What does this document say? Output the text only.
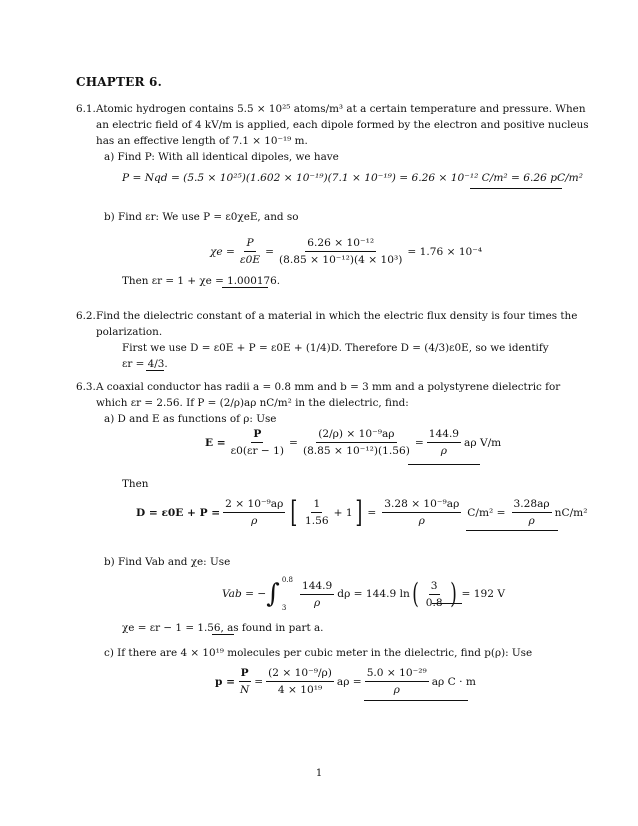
CHAPTER 6.
6.1. Atomic hydrogen contains 5.5 × 10²⁵ atoms/m³ at a certain temperature and pressure. When
an electric field of 4 kV/m is applied, each dipole formed by the electron and positive nucleus
has an effective length of 7.1 × 10⁻¹⁹ m.
a) Find P: With all identical dipoles, we have
P = Nqd = (5.5 × 10²⁵)(1.602 × 10⁻¹⁹)(7.1 × 10⁻¹⁹) = 6.26 × 10⁻¹² C/m² = 6.26 pC/m²
b) Find εr: We use P = ε0χeE, and so
$\chi e = \frac{P}{\varepsilon 0E} = \frac{\text{6.26 × 10⁻¹²}}{\text{(8.85 × 10⁻¹²)(4 × 10³)}} = 1.76 \times 10^{-4}$
Then εr = 1 + χe = 1.000176.
6.2. Find the dielectric constant of a material in which the electric flux density is four times the
polarization.
First we use D = ε0E + P = ε0E + (1/4)D. Therefore D = (4/3)ε0E, so we identify
εr = 4/3.
6.3. A coaxial conductor has radii a = 0.8 mm and b = 3 mm and a polystyrene dielectric for
which εr = 2.56. If P = (2/ρ)aρ nC/m² in the dielectric, find:
a) D and E as functions of ρ: Use
$E = \frac{P}{\varepsilon 0(\varepsilon r - 1)} = \frac{\text{(2/ρ) × 10⁻⁹aρ}}{\text{(8.85 × 10⁻¹²)(1.56)}} = \frac{144.9}{\rho}$ aρ V/m
Then
$D = \varepsilon 0E + P = \frac{\text{2 × 10⁻⁹aρ}}{\rho}$ [ $\frac{1}{1.56} + 1$ ] = $\frac{\text{3.28 × 10⁻⁹aρ}}{\rho} C/m^2 = \frac{3.28a\rho}{\rho} nC/m^2$
b) Find Vab and χe: Use
Vab = − ∫ 0.8
3	$\frac{144.9}{\rho}$ dρ = 144.9 ln ( $\frac{3}{0.8}$ ) = 192 V
χe = εr − 1 = 1.56, as found in part a.
c) If there are 4 × 10¹⁹ molecules per cubic meter in the dielectric, find p(ρ): Use
$p = \frac{P}{N} = \frac{\text{(2 × 10⁻⁹/ρ)}}{\text{4 × 10¹⁹}}$ $a\rho = \frac{\text{5.0 × 10⁻²⁹}}{\rho}$ aρ C · m
1
